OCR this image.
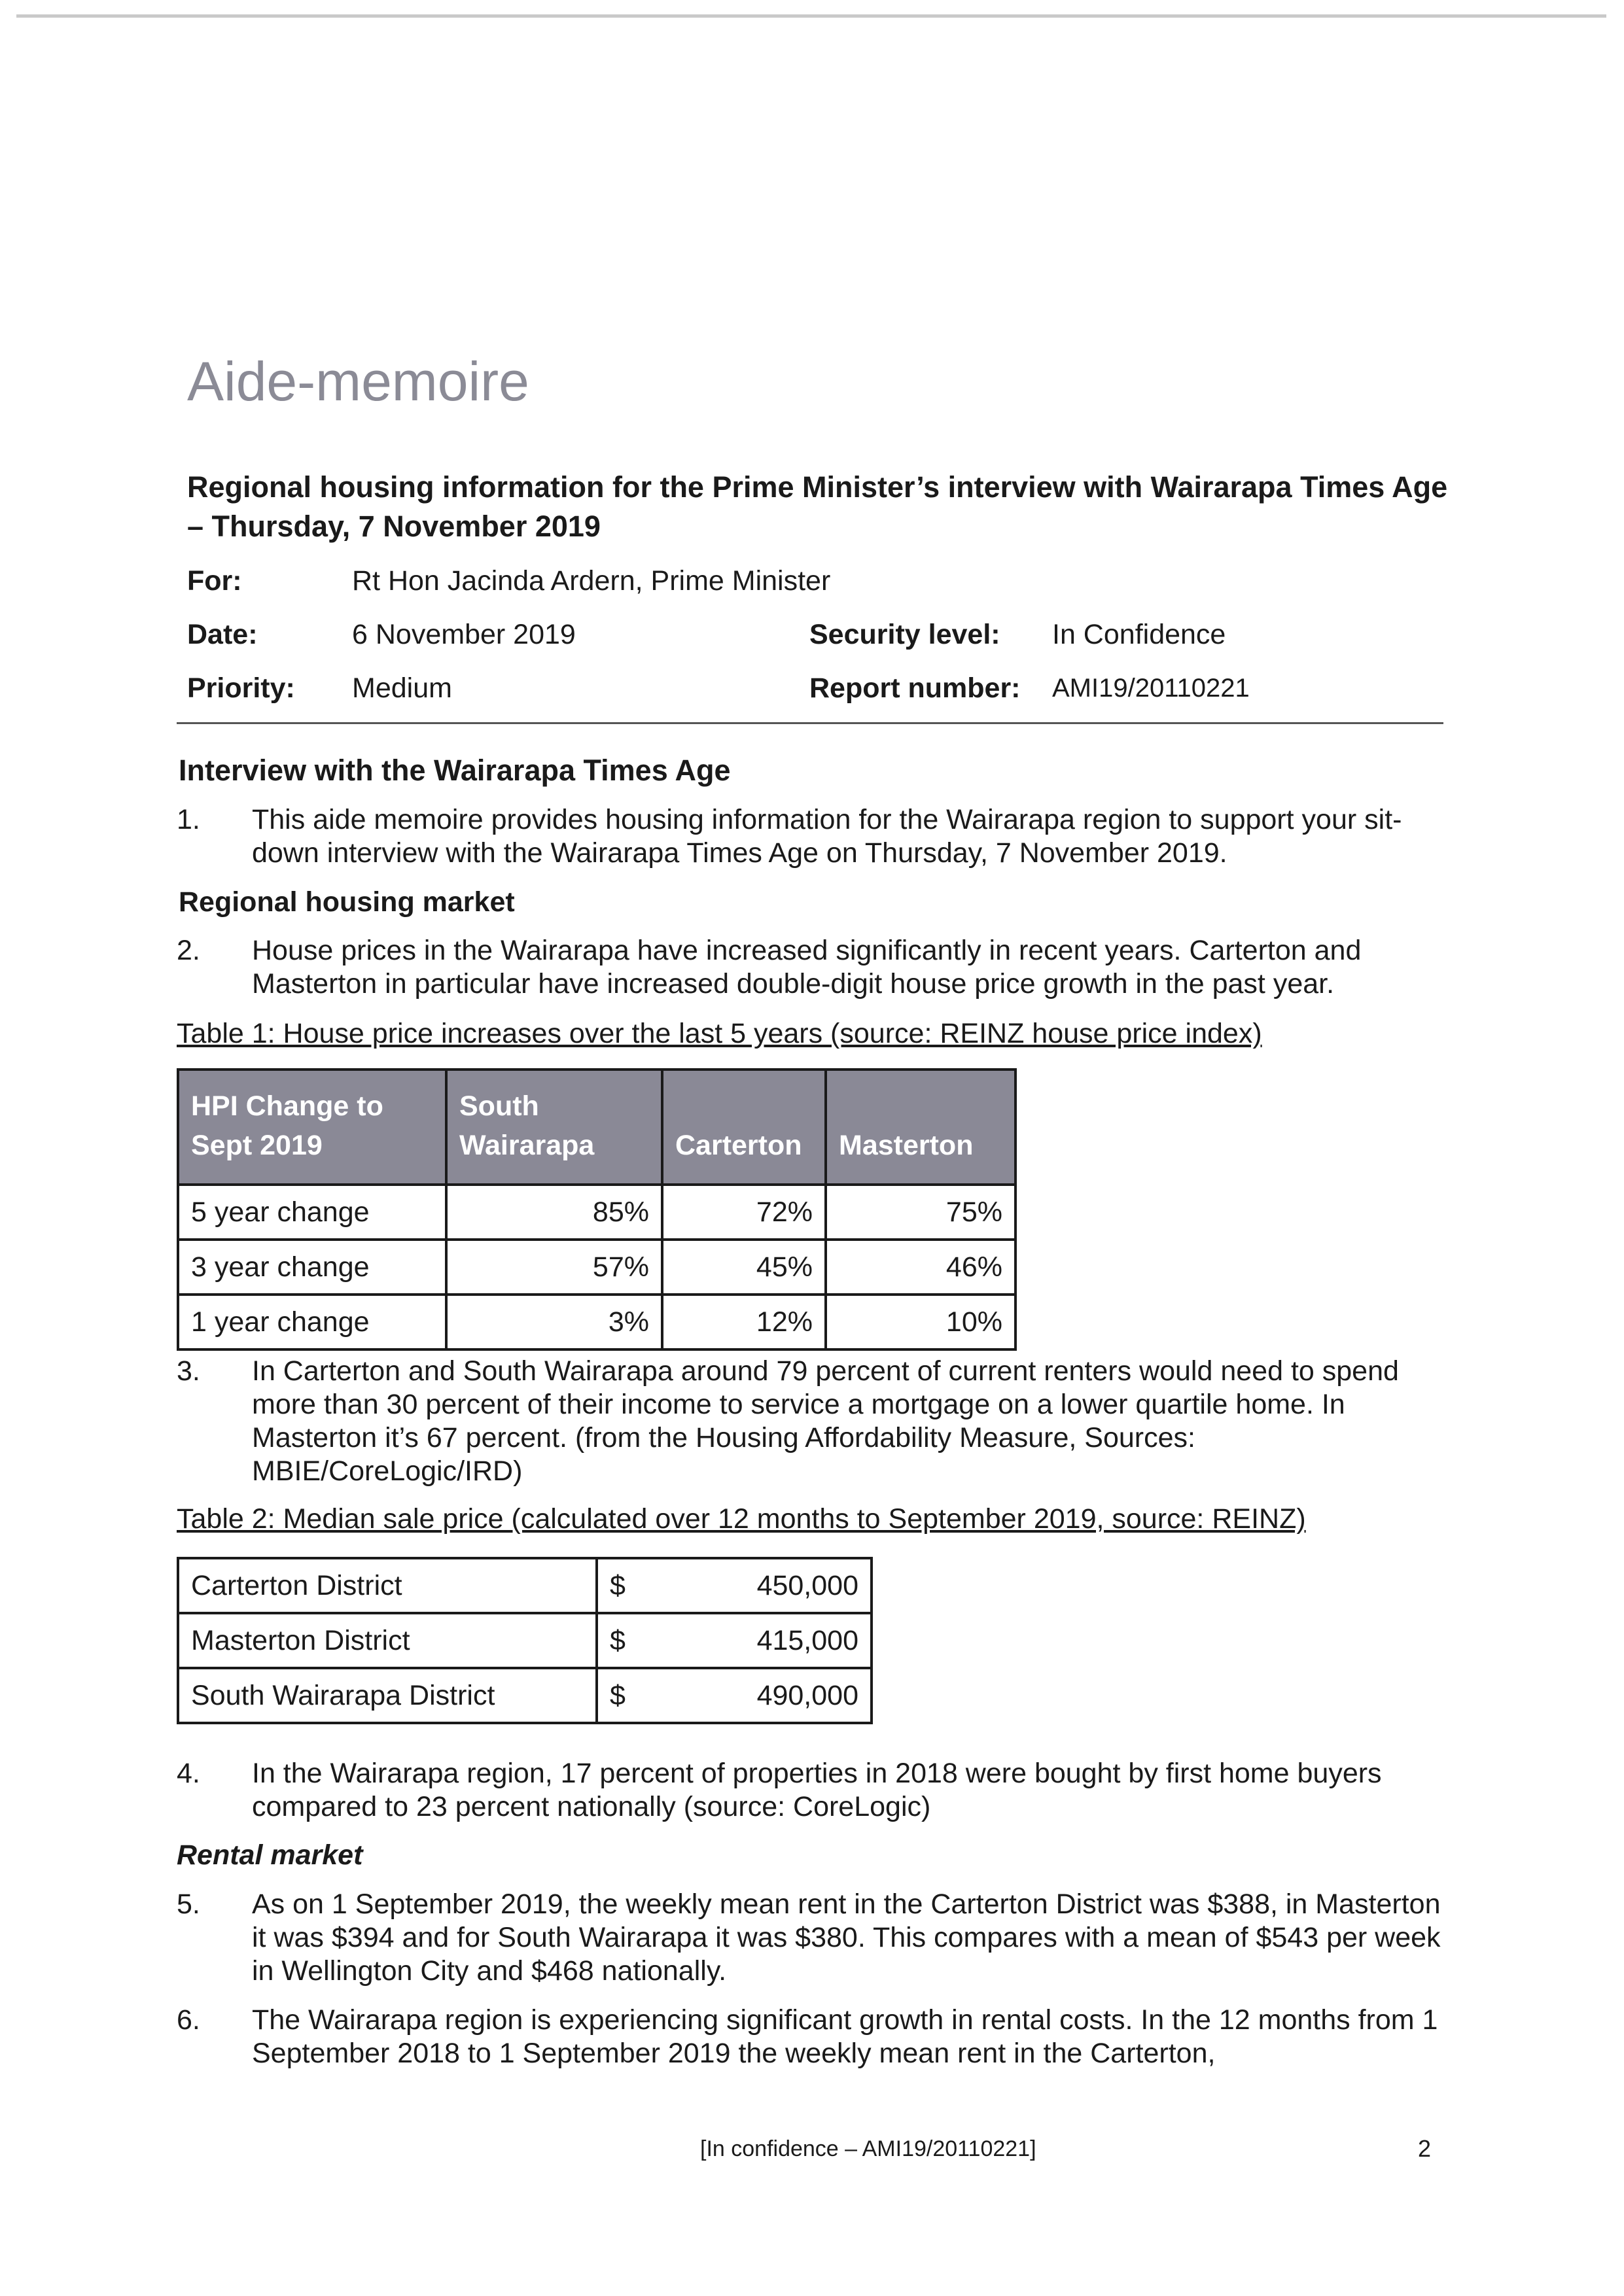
Aide-memoire
Regional housing information for the Prime Minister’s interview with Wairarapa Times Age – Thursday, 7 November 2019
For:	Rt Hon Jacinda Ardern, Prime Minister
Date:	6 November 2019	Security level: In Confidence
Priority: Medium	Report number: AMI19/20110221
Interview with the Wairarapa Times Age
1. This aide memoire provides housing information for the Wairarapa region to support your sit-down interview with the Wairarapa Times Age on Thursday, 7 November 2019.
Regional housing market
2. House prices in the Wairarapa have increased significantly in recent years. Carterton and Masterton in particular have increased double-digit house price growth in the past year.
Table 1: House price increases over the last 5 years (source: REINZ house price index)
HPI Change to Sept 2019	South Wairarapa	Carterton	Masterton
5 year change	85%	72%	75%
3 year change	57%	45%	46%
1 year change	3%	12%	10%
3. In Carterton and South Wairarapa around 79 percent of current renters would need to spend more than 30 percent of their income to service a mortgage on a lower quartile home. In Masterton it’s 67 percent. (from the Housing Affordability Measure, Sources: MBIE/CoreLogic/IRD)
Table 2: Median sale price (calculated over 12 months to September 2019, source: REINZ)
Carterton District	$	450,000
Masterton District	$	415,000
South Wairarapa District	$	490,000
4. In the Wairarapa region, 17 percent of properties in 2018 were bought by first home buyers compared to 23 percent nationally (source: CoreLogic)
Rental market
5. As on 1 September 2019, the weekly mean rent in the Carterton District was $388, in Masterton it was $394 and for South Wairarapa it was $380. This compares with a mean of $543 per week in Wellington City and $468 nationally.
6. The Wairarapa region is experiencing significant growth in rental costs. In the 12 months from 1 September 2018 to 1 September 2019 the weekly mean rent in the Carterton,
[In confidence – AMI19/20110221]	2
